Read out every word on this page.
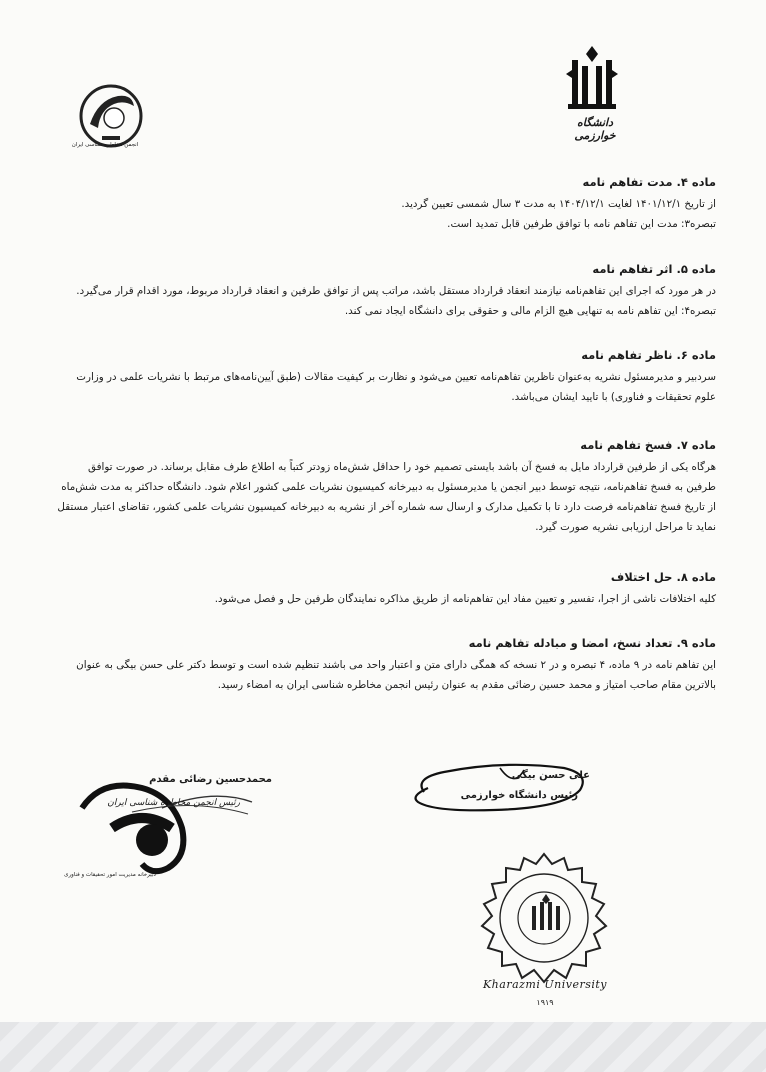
انجمن مخاطره شناسی ایران
دانشگاه خوارزمی
ماده ۴. مدت تفاهم نامه
از تاریخ ۱۴۰۱/۱۲/۱ لغایت ۱۴۰۴/۱۲/۱ به مدت ۳ سال شمسی تعیین گردید.
تبصره۳: مدت این تفاهم نامه با توافق طرفین قابل تمدید است.
ماده ۵. اثر تفاهم نامه
در هر مورد که اجرای این تفاهم‌نامه نیازمند انعقاد قرارداد مستقل باشد، مراتب پس از توافق طرفین و انعقاد قرارداد مربوط، مورد اقدام قرار می‌گیرد.
تبصره۴: این تفاهم نامه به تنهایی هیچ الزام مالی و حقوقی برای دانشگاه ایجاد نمی کند.
ماده ۶. ناظر تفاهم نامه
سردبیر و مدیرمسئول نشریه به‌عنوان ناظرین تفاهم‌نامه تعیین می‌شود و نظارت بر کیفیت مقالات (طبق آیین‌نامه‌های مرتبط با نشریات علمی در وزارت علوم تحقیقات و فناوری) با تایید ایشان می‌باشد.
ماده ۷. فسخ تفاهم نامه
هرگاه یکی از طرفین قرارداد مایل به فسخ آن باشد بایستی تصمیم خود را حداقل شش‌ماه زودتر کتباً به اطلاع طرف مقابل برساند. در صورت توافق طرفین به فسخ تفاهم‌نامه، نتیجه توسط دبیر انجمن یا مدیرمسئول به دبیرخانه کمیسیون نشریات علمی کشور اعلام شود. دانشگاه حداکثر به مدت شش‌ماه از تاریخ فسخ تفاهم‌نامه فرصت دارد تا با تکمیل مدارک و ارسال سه شماره آخر از نشریه به دبیرخانه کمیسیون نشریات علمی کشور، تقاضای اعتبار مستقل نماید تا مراحل ارزیابی نشریه صورت گیرد.
ماده ۸. حل اختلاف
کلیه اختلافات ناشی از اجرا، تفسیر و تعیین مفاد این تفاهم‌نامه از طریق مذاکره نمایندگان طرفین حل و فصل می‌شود.
ماده ۹. تعداد نسخ، امضا و مبادله تفاهم نامه
این تفاهم نامه در ۹ ماده، ۴ تبصره و در ۲ نسخه که همگی دارای متن و اعتبار واحد می باشند تنظیم شده است و توسط دکتر علی حسن بیگی به عنوان بالاترین مقام صاحب امتیاز و محمد حسین رضائی مقدم به عنوان رئیس انجمن مخاطره شناسی ایران به امضاء رسید.
محمدحسین رضائی مقدم
رئیس انجمن مخاطره شناسی ایران
دبیرخانه مدیریت امور تحقیقات و فناوری
علی حسن بیگی
رئیس دانشگاه خوارزمی
Kharazmi University
۱۹۱۹
